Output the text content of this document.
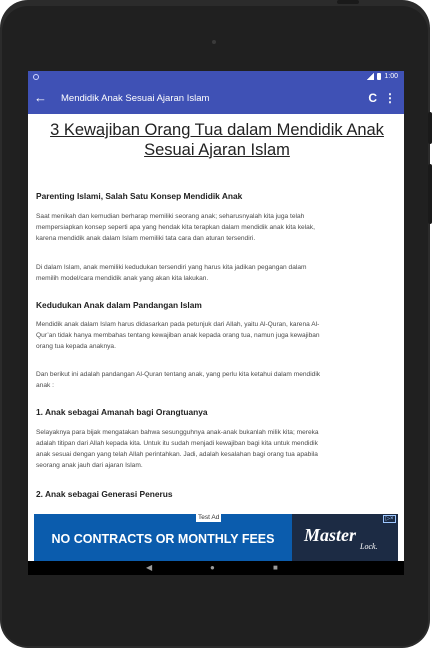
1:00
← Mendidik Anak Sesuai Ajaran Islam	C ⋮
3 Kewajiban Orang Tua dalam Mendidik Anak
Sesuai Ajaran Islam
Parenting Islami, Salah Satu Konsep Mendidik Anak
Saat menikah dan kemudian berharap memiliki seorang anak; seharusnyalah kita juga telah
mempersiapkan konsep seperti apa yang hendak kita terapkan dalam mendidik anak kita kelak,
karena mendidik anak dalam Islam memiliki tata cara dan aturan tersendiri.
Di dalam Islam, anak memiliki kedudukan tersendiri yang harus kita jadikan pegangan dalam
memilih model/cara mendidik anak yang akan kita lakukan.
Kedudukan Anak dalam Pandangan Islam
Mendidik anak dalam Islam harus didasarkan pada petunjuk dari Allah, yaitu Al-Quran, karena Al-
Qur’an tidak hanya membahas tentang kewajiban anak kepada orang tua, namun juga kewajiban
orang tua kepada anaknya.
Dan berikut ini adalah pandangan Al-Quran tentang anak, yang perlu kita ketahui dalam mendidik
anak :
1. Anak sebagai Amanah bagi Orangtuanya
Selayaknya para bijak mengatakan bahwa sesungguhnya anak-anak bukanlah milik kita; mereka
adalah titipan dari Allah kepada kita. Untuk itu sudah menjadi kewajiban bagi kita untuk mendidik
anak sesuai dengan yang telah Allah perintahkan. Jadi, adalah kesalahan bagi orang tua apabila
seorang anak jauh dari ajaran Islam.
2. Anak sebagai Generasi Penerus
Test Ad
NO CONTRACTS OR MONTHLY FEES	Master
Lock.
▷×
◀	●	■
